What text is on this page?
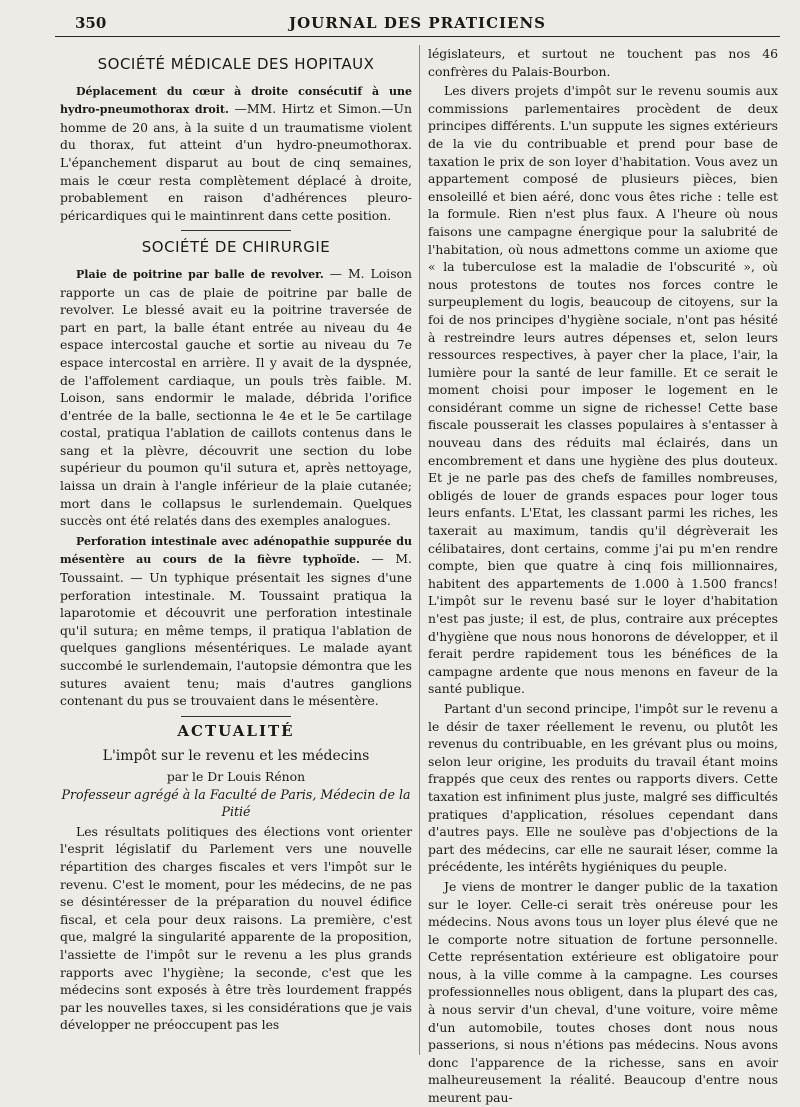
350	JOURNAL DES PRATICIENS
SOCIÉTÉ MÉDICALE DES HOPITAUX

Déplacement du cœur à droite consécutif à une hydro-pneumothorax droit. —MM. Hirtz et Simon.—Un homme de 20 ans, à la suite d un traumatisme violent du thorax, fut atteint d'un hydro-pneumothorax. L'épanchement disparut au bout de cinq semaines, mais le cœur resta complètement déplacé à droite, probablement en raison d'adhérences pleuro-péricardiques qui le maintinrent dans cette position.

SOCIÉTÉ DE CHIRURGIE

Plaie de poitrine par balle de revolver. — M. Loison rapporte un cas de plaie de poitrine par balle de revolver. Le blessé avait eu la poitrine traversée de part en part, la balle étant entrée au niveau du 4e espace intercostal gauche et sortie au niveau du 7e espace intercostal en arrière. Il y avait de la dyspnée, de l'affolement cardiaque, un pouls très faible. M. Loison, sans endormir le malade, débrida l'orifice d'entrée de la balle, sectionna le 4e et le 5e cartilage costal, pratiqua l'ablation de caillots contenus dans le sang et la plèvre, découvrit une section du lobe supérieur du poumon qu'il sutura et, après nettoyage, laissa un drain à l'angle inférieur de la plaie cutanée; mort dans le collapsus le surlendemain. Quelques succès ont été relatés dans des exemples analogues.

Perforation intestinale avec adénopathie suppurée du mésentère au cours de la fièvre typhoïde. — M. Toussaint. — Un typhique présentait les signes d'une perforation intestinale. M. Toussaint pratiqua la laparotomie et découvrit une perforation intestinale qu'il sutura; en même temps, il pratiqua l'ablation de quelques ganglions mésentériques. Le malade ayant succombé le surlendemain, l'autopsie démontra que les sutures avaient tenu; mais d'autres ganglions contenant du pus se trouvaient dans le mésentère.

ACTUALITÉ
L'impôt sur le revenu et les médecins

par le Dr Louis Rénon

Professeur agrégé à la Faculté de Paris, Médecin de la Pitié

Les résultats politiques des élections vont orienter l'esprit législatif du Parlement vers une nouvelle répartition des charges fiscales et vers l'impôt sur le revenu. C'est le moment, pour les médecins, de ne pas se désintéresser de la préparation du nouvel édifice fiscal, et cela pour deux raisons. La première, c'est que, malgré la singularité apparente de la proposition, l'assiette de l'impôt sur le revenu a les plus grands rapports avec l'hygiène; la seconde, c'est que les médecins sont exposés à être très lourdement frappés par les nouvelles taxes, si les considérations que je vais développer ne préoccupent pas les

législateurs, et surtout ne touchent pas nos 46 confrères du Palais-Bourbon.

Les divers projets d'impôt sur le revenu soumis aux commissions parlementaires procèdent de deux principes différents. L'un suppute les signes extérieurs de la vie du contribuable et prend pour base de taxation le prix de son loyer d'habitation. Vous avez un appartement composé de plusieurs pièces, bien ensoleillé et bien aéré, donc vous êtes riche : telle est la formule. Rien n'est plus faux. A l'heure où nous faisons une campagne énergique pour la salubrité de l'habitation, où nous admettons comme un axiome que « la tuberculose est la maladie de l'obscurité », où nous protestons de toutes nos forces contre le surpeuplement du logis, beaucoup de citoyens, sur la foi de nos principes d'hygiène sociale, n'ont pas hésité à restreindre leurs autres dépenses et, selon leurs ressources respectives, à payer cher la place, l'air, la lumière pour la santé de leur famille. Et ce serait le moment choisi pour imposer le logement en le considérant comme un signe de richesse! Cette base fiscale pousserait les classes populaires à s'entasser à nouveau dans des réduits mal éclairés, dans un encombrement et dans une hygiène des plus douteux. Et je ne parle pas des chefs de familles nombreuses, obligés de louer de grands espaces pour loger tous leurs enfants. L'Etat, les classant parmi les riches, les taxerait au maximum, tandis qu'il dégrèverait les célibataires, dont certains, comme j'ai pu m'en rendre compte, bien que quatre à cinq fois millionnaires, habitent des appartements de 1.000 à 1.500 francs! L'impôt sur le revenu basé sur le loyer d'habitation n'est pas juste; il est, de plus, contraire aux préceptes d'hygiène que nous nous honorons de développer, et il ferait perdre rapidement tous les bénéfices de la campagne ardente que nous menons en faveur de la santé publique.

Partant d'un second principe, l'impôt sur le revenu a le désir de taxer réellement le revenu, ou plutôt les revenus du contribuable, en les grévant plus ou moins, selon leur origine, les produits du travail étant moins frappés que ceux des rentes ou rapports divers. Cette taxation est infiniment plus juste, malgré ses difficultés pratiques d'application, résolues cependant dans d'autres pays. Elle ne soulève pas d'objections de la part des médecins, car elle ne saurait léser, comme la précédente, les intérêts hygiéniques du peuple.

Je viens de montrer le danger public de la taxation sur le loyer. Celle-ci serait très onéreuse pour les médecins. Nous avons tous un loyer plus élevé que ne le comporte notre situation de fortune personnelle. Cette représentation extérieure est obligatoire pour nous, à la ville comme à la campagne. Les courses professionnelles nous obligent, dans la plupart des cas, à nous servir d'un cheval, d'une voiture, voire même d'un automobile, toutes choses dont nous nous passerions, si nous n'étions pas médecins. Nous avons donc l'apparence de la richesse, sans en avoir malheureusement la réalité. Beaucoup d'entre nous meurent pau-
